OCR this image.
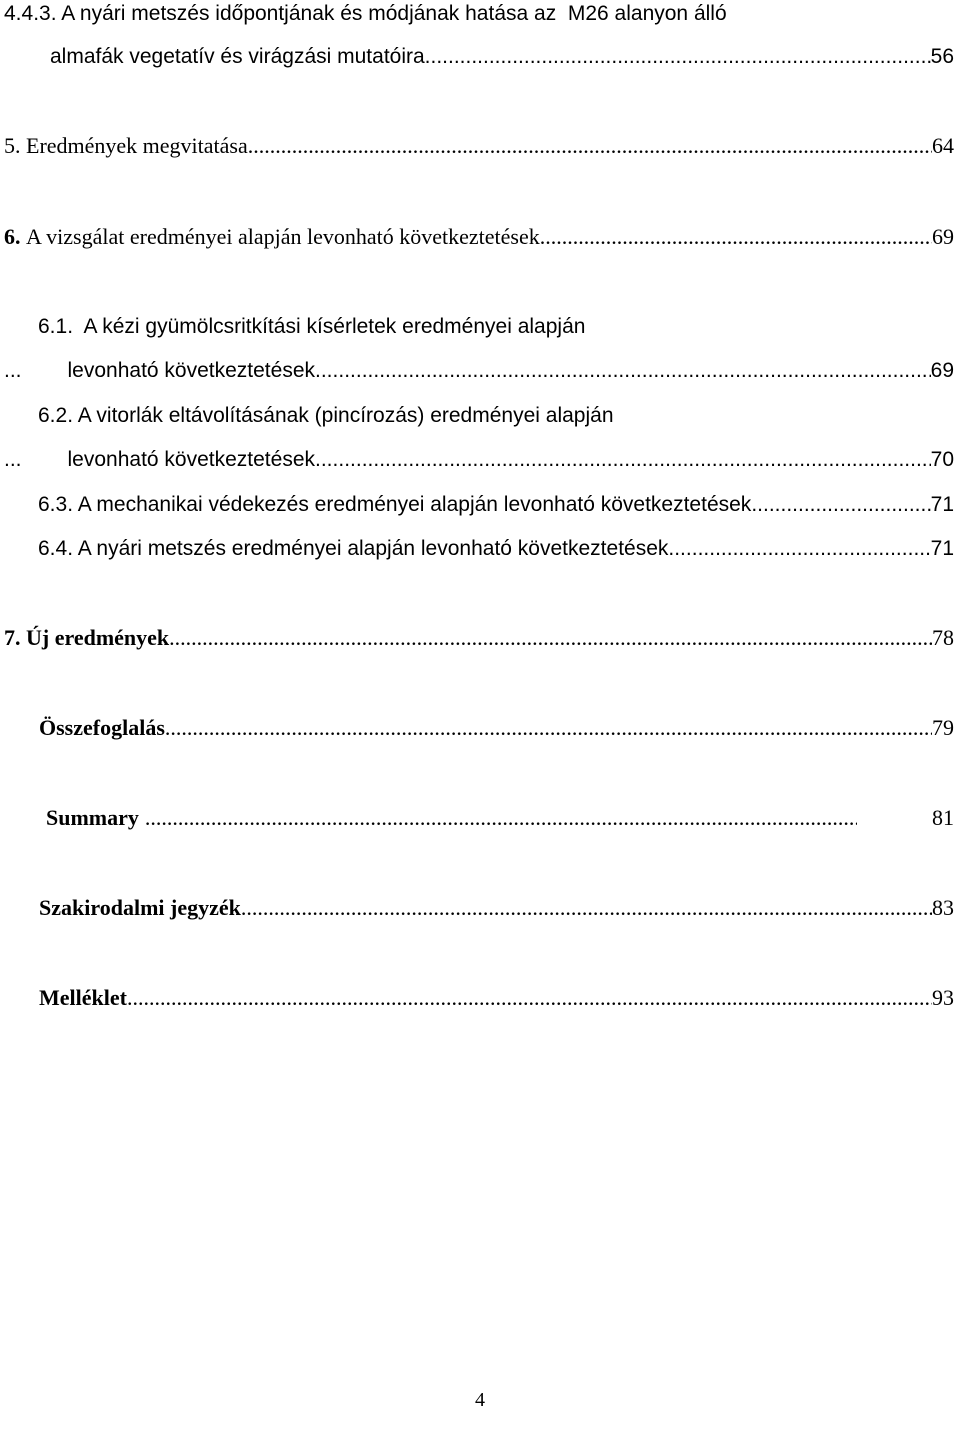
4.4.3. A nyári metszés időpontjának és módjának hatása az  M26 alanyon álló
almafák vegetatív és virágzási mutatóira .....	56
5. Eredmények megvitatása .....	64
6. A vizsgálat eredményei alapján levonható következtetések .....	69
6.1. A kézi gyümölcsritkítási kísérletek eredményei alapján
... levonható következtetések .....	69
6.2. A vitorlák eltávolításának (pincírozás) eredményei alapján
... levonható következtetések .....	70
6.3. A mechanikai védekezés eredményei alapján levonható következtetések .....	71
6.4. A nyári metszés eredményei alapján levonható következtetések .....	71
7. Új eredmények .....	78
Összefoglalás .....	79
Summary .....	81
Szakirodalmi jegyzék .....	83
Melléklet .....	93
4
